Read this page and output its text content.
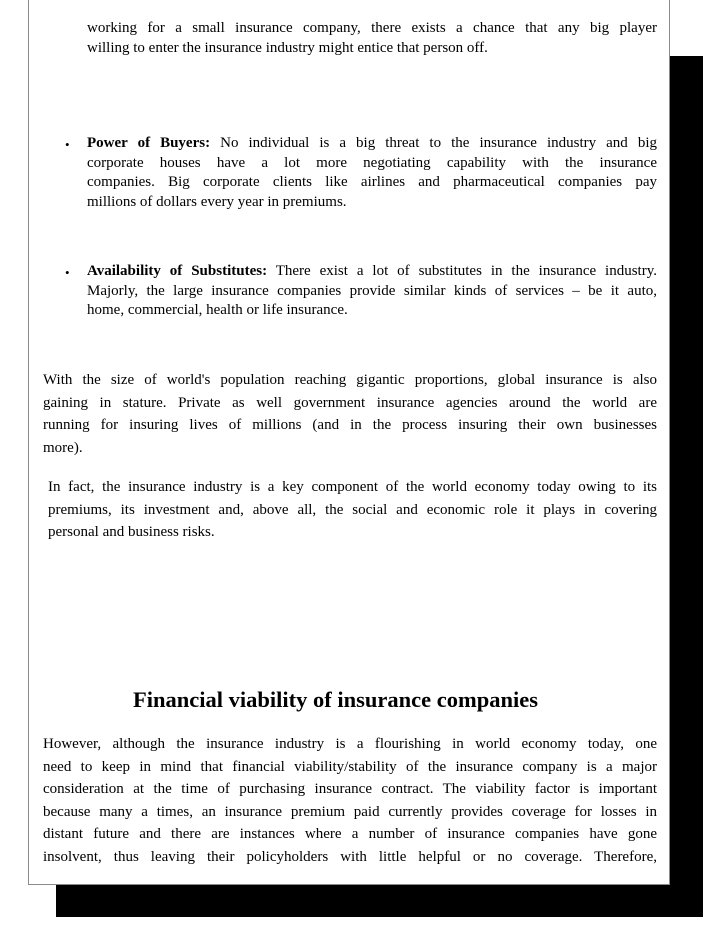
working for a small insurance company, there exists a chance that any big player
willing to enter the insurance industry might entice that person off.
• Power of Buyers: No individual is a big threat to the insurance industry and big
corporate houses have a lot more negotiating capability with the insurance
companies. Big corporate clients like airlines and pharmaceutical companies pay
millions of dollars every year in premiums.
• Availability of Substitutes: There exist a lot of substitutes in the insurance industry.
Majorly, the large insurance companies provide similar kinds of services – be it auto,
home, commercial, health or life insurance.
With the size of world's population reaching gigantic proportions, global insurance is also
gaining in stature. Private as well government insurance agencies around the world are
running for insuring lives of millions (and in the process insuring their own businesses
more).
In fact, the insurance industry is a key component of the world economy today owing to its
premiums, its investment and, above all, the social and economic role it plays in covering
personal and business risks.
Financial viability of insurance companies
However, although the insurance industry is a flourishing in world economy today, one
need to keep in mind that financial viability/stability of the insurance company is a major
consideration at the time of purchasing insurance contract. The viability factor is important
because many a times, an insurance premium paid currently provides coverage for losses in
distant future and there are instances where a number of insurance companies have gone
insolvent, thus leaving their policyholders with little helpful or no coverage. Therefore,
